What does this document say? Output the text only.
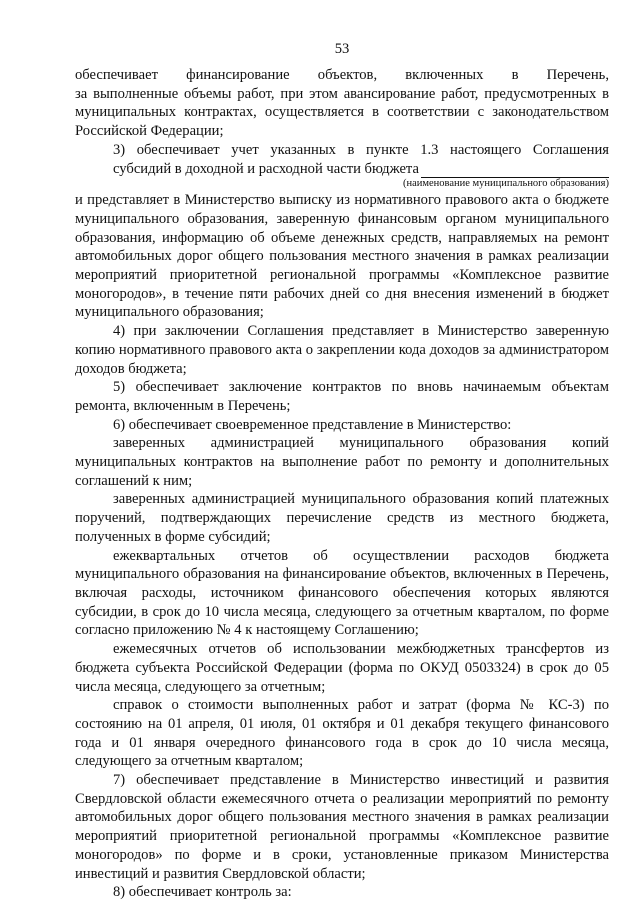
53

обеспечивает финансирование объектов, включенных в Перечень,

за выполненные объемы работ, при этом авансирование работ, предусмотренных в муниципальных контрактах, осуществляется в соответствии с законодательством Российской Федерации;

3) обеспечивает учет указанных в пункте 1.3 настоящего Соглашения

субсидий в доходной и расходной части бюджета
(наименование муниципального образования)

и представляет в Министерство выписку из нормативного правового акта о бюджете муниципального образования, заверенную финансовым органом муниципального образования, информацию об объеме денежных средств, направляемых на ремонт автомобильных дорог общего пользования местного значения в рамках реализации мероприятий приоритетной региональной программы «Комплексное развитие моногородов», в течение пяти рабочих дней со дня внесения изменений в бюджет муниципального образования;

4) при заключении Соглашения представляет в Министерство заверенную копию нормативного правового акта о закреплении кода доходов за администратором доходов бюджета;

5) обеспечивает заключение контрактов по вновь начинаемым объектам ремонта, включенным в Перечень;

6) обеспечивает своевременное представление в Министерство:

заверенных администрацией муниципального образования копий муниципальных контрактов на выполнение работ по ремонту и дополнительных соглашений к ним;

заверенных администрацией муниципального образования копий платежных поручений, подтверждающих перечисление средств из местного бюджета, полученных в форме субсидий;

ежеквартальных отчетов об осуществлении расходов бюджета муниципального образования на финансирование объектов, включенных в Перечень, включая расходы, источником финансового обеспечения которых являются субсидии, в срок до 10 числа месяца, следующего за отчетным кварталом, по форме согласно приложению № 4 к настоящему Соглашению;

ежемесячных отчетов об использовании межбюджетных трансфертов из бюджета субъекта Российской Федерации (форма по ОКУД 0503324) в срок до 05 числа месяца, следующего за отчетным;

справок о стоимости выполненных работ и затрат (форма № КС-3) по состоянию на 01 апреля, 01 июля, 01 октября и 01 декабря текущего финансового года и 01 января очередного финансового года в срок до 10 числа месяца, следующего за отчетным кварталом;

7) обеспечивает представление в Министерство инвестиций и развития Свердловской области ежемесячного отчета о реализации мероприятий по ремонту автомобильных дорог общего пользования местного значения в рамках реализации мероприятий приоритетной региональной программы «Комплексное развитие моногородов» по форме и в сроки, установленные приказом Министерства инвестиций и развития Свердловской области;

8) обеспечивает контроль за:
